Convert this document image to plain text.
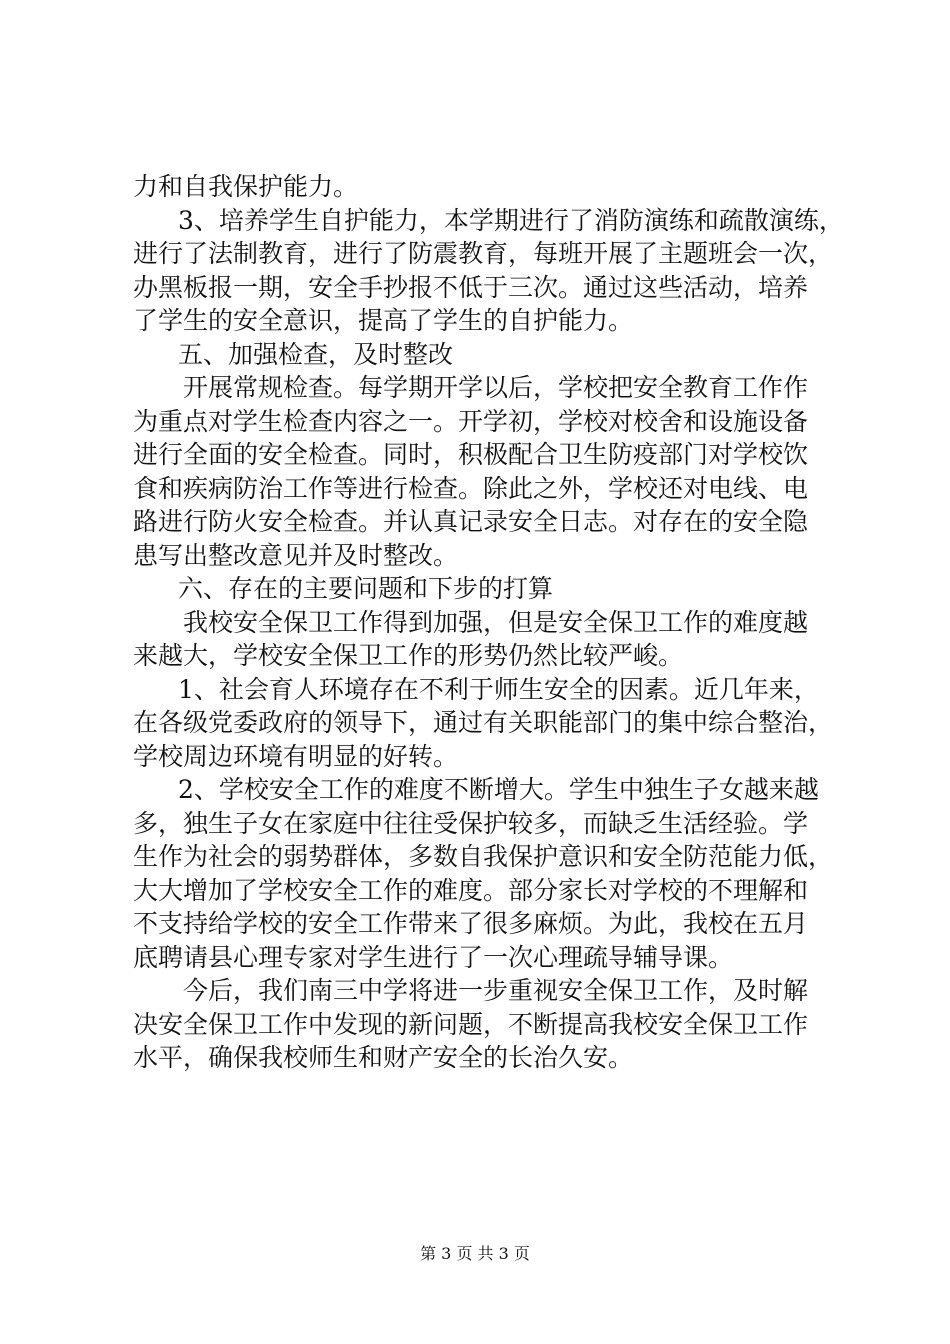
力和自我保护能力。
3、培养学生自护能力，本学期进行了消防演练和疏散演练，
进行了法制教育，进行了防震教育，每班开展了主题班会一次，
办黑板报一期，安全手抄报不低于三次。通过这些活动，培养
了学生的安全意识，提高了学生的自护能力。
五、加强检查，及时整改
开展常规检查。每学期开学以后，学校把安全教育工作作
为重点对学生检查内容之一。开学初，学校对校舍和设施设备
进行全面的安全检查。同时，积极配合卫生防疫部门对学校饮
食和疾病防治工作等进行检查。除此之外，学校还对电线、电
路进行防火安全检查。并认真记录安全日志。对存在的安全隐
患写出整改意见并及时整改。
六、存在的主要问题和下步的打算
我校安全保卫工作得到加强，但是安全保卫工作的难度越
来越大，学校安全保卫工作的形势仍然比较严峻。
1、社会育人环境存在不利于师生安全的因素。近几年来，
在各级党委政府的领导下，通过有关职能部门的集中综合整治，
学校周边环境有明显的好转。
2、学校安全工作的难度不断增大。学生中独生子女越来越
多，独生子女在家庭中往往受保护较多，而缺乏生活经验。学
生作为社会的弱势群体，多数自我保护意识和安全防范能力低，
大大增加了学校安全工作的难度。部分家长对学校的不理解和
不支持给学校的安全工作带来了很多麻烦。为此，我校在五月
底聘请县心理专家对学生进行了一次心理疏导辅导课。
今后，我们南三中学将进一步重视安全保卫工作，及时解
决安全保卫工作中发现的新问题，不断提高我校安全保卫工作
水平，确保我校师生和财产安全的长治久安。
第 3 页 共 3 页
